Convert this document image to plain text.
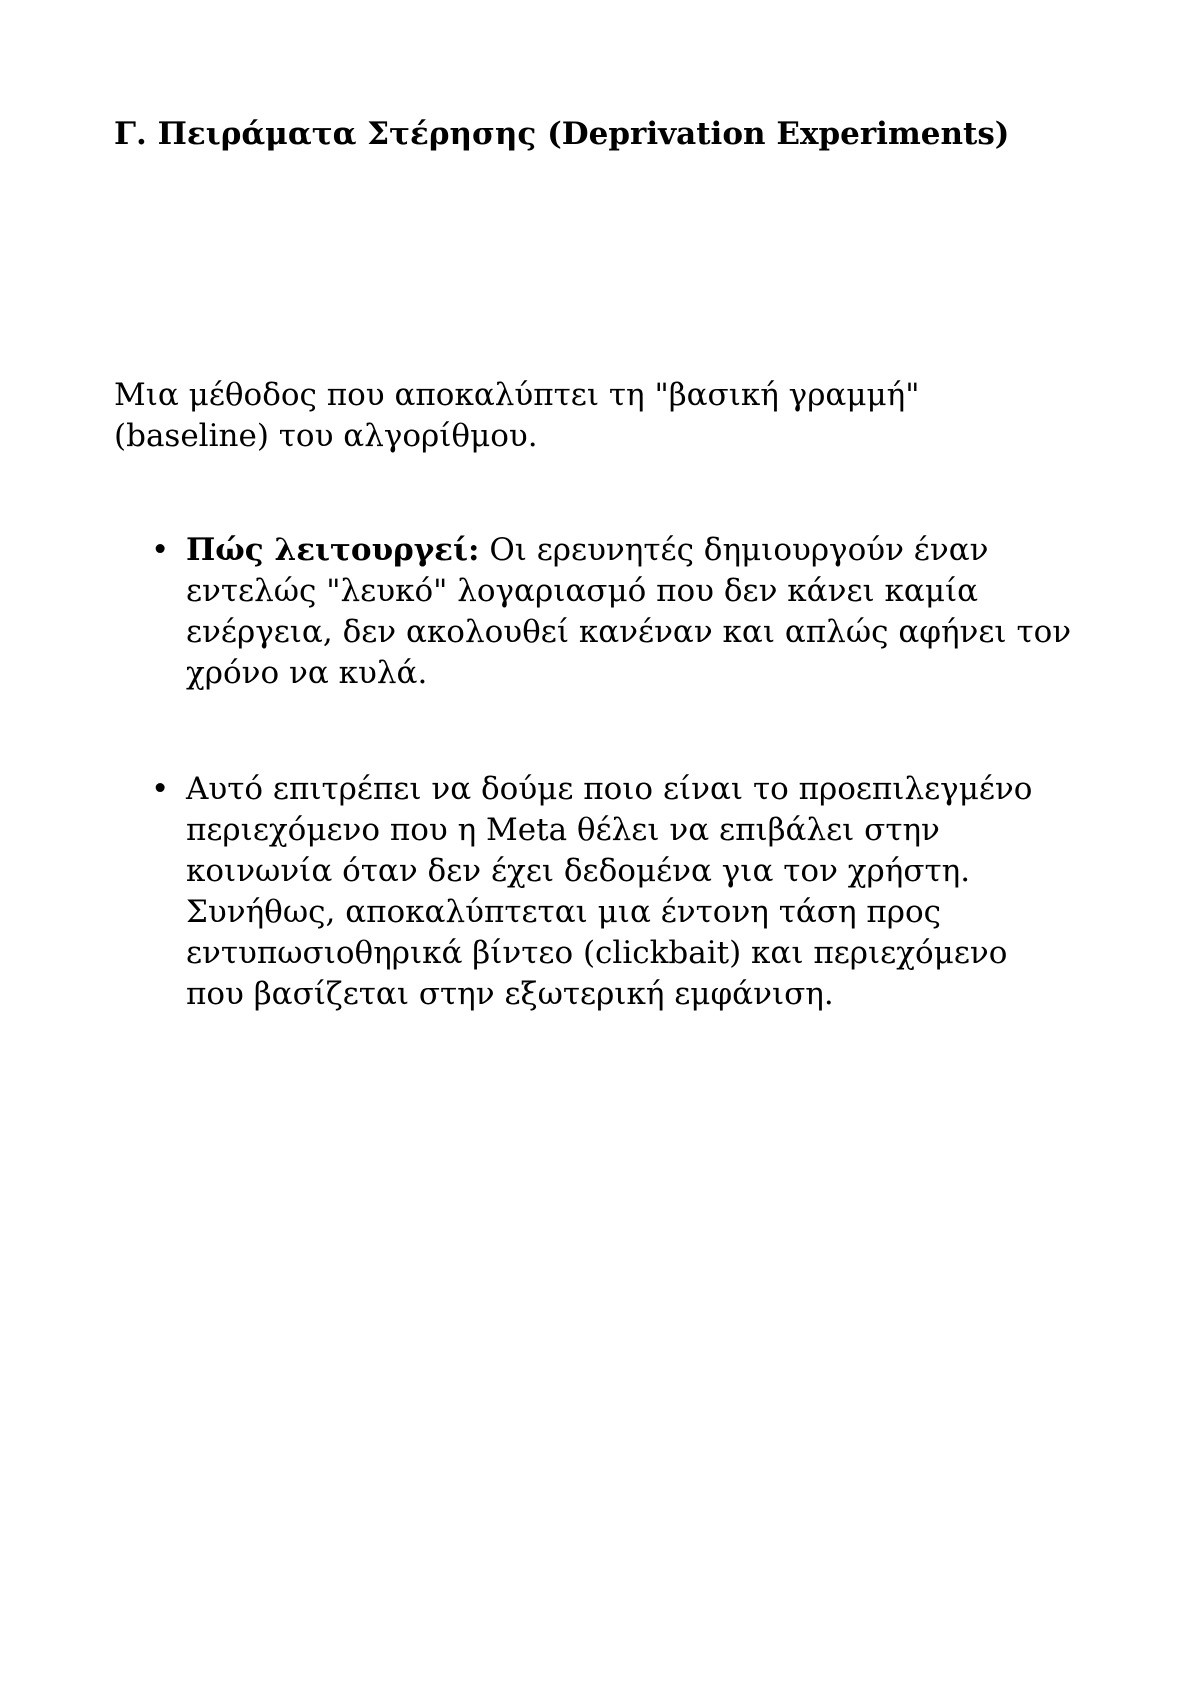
Γ. Πειράματα Στέρησης (Deprivation Experiments)

Μια μέθοδος που αποκαλύπτει τη "βασική γραμμή" (baseline) του αλγορίθμου.

• Πώς λειτουργεί: Οι ερευνητές δημιουργούν έναν εντελώς "λευκό" λογαριασμό που δεν κάνει καμία ενέργεια, δεν ακολουθεί κανέναν και απλώς αφήνει τον χρόνο να κυλά.
• Αυτό επιτρέπει να δούμε ποιο είναι το προεπιλεγμένο περιεχόμενο που η Meta θέλει να επιβάλει στην κοινωνία όταν δεν έχει δεδομένα για τον χρήστη. Συνήθως, αποκαλύπτεται μια έντονη τάση προς εντυπωσιοθηρικά βίντεο (clickbait) και περιεχόμενο που βασίζεται στην εξωτερική εμφάνιση.
